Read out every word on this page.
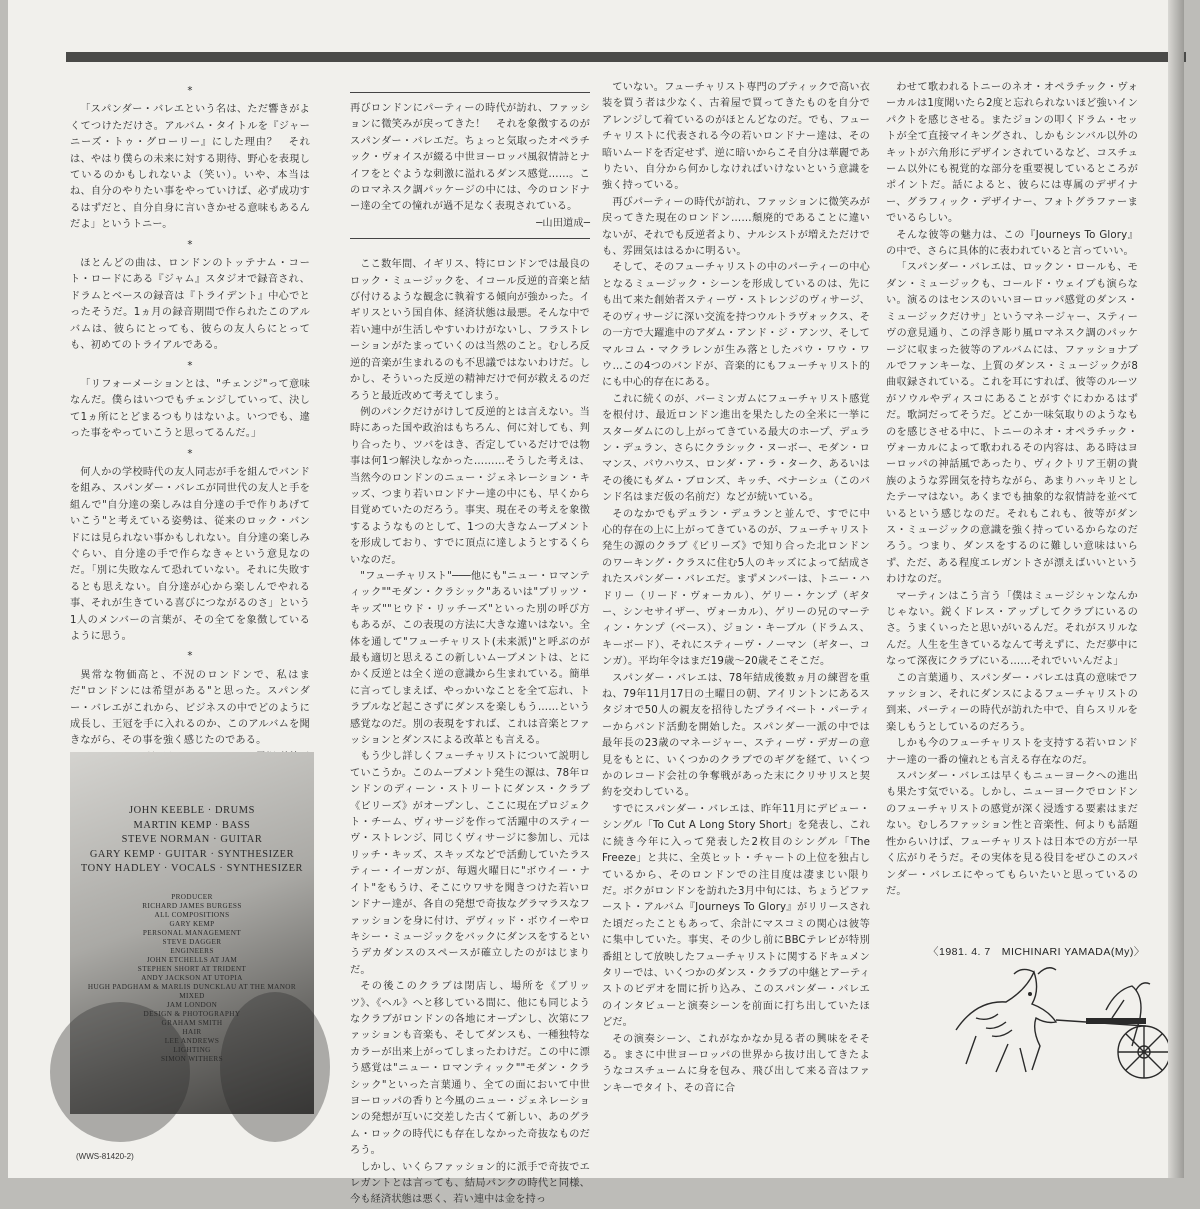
*

「スパンダー・バレエという名は、ただ響きがよくてつけただけさ。アルバム・タイトルを『ジャーニーズ・トゥ・グローリー』にした理由？　それは、やはり僕らの未来に対する期待、野心を表現しているのかもしれないよ（笑い）。いや、本当はね、自分のやりたい事をやっていけば、必ず成功するはずだと、自分自身に言いきかせる意味もあるんだよ」というトニー。

*

ほとんどの曲は、ロンドンのトッテナム・コート・ロードにある『ジャム』スタジオで録音され、ドラムとベースの録音は『トライデント』中心でとったそうだ。1ヵ月の録音期間で作られたこのアルバムは、彼らにとっても、彼らの友人らにとっても、初めてのトライアルである。

*

「リフォーメーションとは、"チェンジ"って意味なんだ。僕らはいつでもチェンジしていって、決して1ヵ所にとどまるつもりはないよ。いつでも、違った事をやっていこうと思ってるんだ。」

*

何人かの学校時代の友人同志が手を組んでバンドを組み、スパンダー・バレエが同世代の友人と手を組んで"自分達の楽しみは自分達の手で作りあげていこう"と考えている姿勢は、従来のロック・バンドには見られない事かもしれない。自分達の楽しみぐらい、自分達の手で作らなきゃという意見なのだ。「別に失敗なんて恐れていない。それに失敗するとも思えない。自分達が心から楽しんでやれる事、それが生きている喜びにつながるのさ」という1人のメンバーの言葉が、その全てを象徴しているように思う。

*

異常な物価高と、不況のロンドンで、私はまだ"ロンドンには希望がある"と思った。スパンダー・バレエがこれから、ビジネスの中でどのように成長し、王冠を手に入れるのか、このアルバムを聞きながら、その事を強く感じたのである。

JOHN KEEBLE · DRUMS
MARTIN KEMP · BASS
STEVE NORMAN · GUITAR
GARY KEMP · GUITAR · SYNTHESIZER
TONY HADLEY · VOCALS · SYNTHESIZER
PRODUCER
RICHARD JAMES BURGESS
ALL COMPOSITIONS
GARY KEMP
PERSONAL MANAGEMENT
STEVE DAGGER
ENGINEERS
JOHN ETCHELLS AT JAM
STEPHEN SHORT AT TRIDENT
ANDY JACKSON AT UTOPIA
HUGH PADGHAM & MARLIS DUNCKLAU AT THE MANOR
MIXED
JAM LONDON
DESIGN & PHOTOGRAPHY
GRAHAM SMITH
HAIR
LEE ANDREWS
LIGHTING
SIMON WITHERS
(WWS-81420-2)

再びロンドンにパーティーの時代が訪れ、ファッションに微笑みが戻ってきた！　それを象徴するのがスパンダー・バレエだ。ちょっと気取ったオペラチック・ヴォイスが綴る中世ヨーロッパ風叙情詩とナイフをとぐような刺激に溢れるダンス感覚……。このロマネスク調パッケージの中には、今のロンドナー達の全ての憧れが過不足なく表現されている。

─山田道成─

ここ数年間、イギリス、特にロンドンでは最良のロック・ミュージックを、イコール反逆的音楽と結び付けるような観念に執着する傾向が強かった。イギリスという国自体、経済状態は最悪。そんな中で若い連中が生活しやすいわけがないし、フラストレーションがたまっていくのは当然のこと。むしろ反逆的音楽が生まれるのも不思議ではないわけだ。しかし、そういった反逆の精神だけで何が救えるのだろうと最近改めて考えてしまう。

例のパンクだけがけして反逆的とは言えない。当時にあった国や政治はもちろん、何に対しても、判り合ったり、ツバをはき、否定しているだけでは物事は何1つ解決しなかった………そうした考えは、当然今のロンドンのニュー・ジェネレーション・キッズ、つまり若いロンドナー達の中にも、早くから目覚めていたのだろう。事実、現在その考えを象徴するようなものとして、1つの大きなムーブメントを形成しており、すでに頂点に達しようとするくらいなのだ。

"フューチャリスト"───他にも"ニュー・ロマンティック""モダン・クラシック"あるいは"ブリッツ・キッズ""ヒウド・リッチーズ"といった別の呼び方もあるが、この表現の方法に大きな違いはない。全体を通して"フューチャリスト(未来派)"と呼ぶのが最も適切と思えるこの新しいムーブメントは、とにかく反逆とは全く逆の意識から生まれている。簡単に言ってしまえば、やっかいなことを全て忘れ、トラブルなど起こさずにダンスを楽しもう……という感覚なのだ。別の表現をすれば、これは音楽とファッションとダンスによる改革とも言える。

もう少し詳しくフューチャリストについて説明していこうか。このムーブメント発生の源は、78年ロンドンのディーン・ストリートにダンス・クラブ《ビリーズ》がオープンし、ここに現在プロジェクト・チーム、ヴィサージを作って活躍中のスティーヴ・ストレンジ、同じくヴィサージに参加し、元はリッチ・キッズ、スキッズなどで活動していたラスティー・イーガンが、毎週火曜日に"ボウイー・ナイト"をもうけ、そこにウワサを聞きつけた若いロンドナー達が、各自の発想で奇抜なグラマラスなファッションを身に付け、デヴィッド・ボウイーやロキシー・ミュージックをバックにダンスをするというデカダンスのスペースが確立したのがはじまりだ。

その後このクラブは閉店し、場所を《ブリッツ》、《ヘル》へと移している間に、他にも同じようなクラブがロンドンの各地にオープンし、次第にファッションも音楽も、そしてダンスも、一種独特なカラーが出来上がってしまったわけだ。この中に漂う感覚は"ニュー・ロマンティック""モダン・クラシック"といった言葉通り、全ての面において中世ヨーロッパの香りと今風のニュー・ジェネレーションの発想が互いに交差した古くて新しい、あのグラム・ロックの時代にも存在しなかった奇抜なものだろう。

しかし、いくらファッション的に派手で奇抜でエレガントとは言っても、結局パンクの時代と同様、今も経済状態は悪く、若い連中は金を持っ

ていない。フューチャリスト専門のブティックで高い衣装を買う者は少なく、古着屋で買ってきたものを自分でアレンジして着ているのがほとんどなのだ。でも、フューチャリストに代表される今の若いロンドナー達は、その暗いムードを否定せず、逆に暗いからこそ自分は華麗でありたい、自分から何かしなければいけないという意識を強く持っている。

再びパーティーの時代が訪れ、ファッションに微笑みが戻ってきた現在のロンドン……頽廃的であることに違いないが、それでも反逆者より、ナルシストが増えただけでも、雰囲気ははるかに明るい。

そして、そのフューチャリストの中のパーティーの中心となるミュージック・シーンを形成しているのは、先にも出て来た創始者スティーヴ・ストレンジのヴィサージ、そのヴィサージに深い交流を持つウルトラヴォックス、その一方で大躍進中のアダム・アンド・ジ・アンツ、そしてマルコム・マクラレンが生み落としたバウ・ワウ・ワウ…この4つのバンドが、音楽的にもフューチャリスト的にも中心的存在にある。

これに続くのが、バーミンガムにフューチャリスト感覚を根付け、最近ロンドン進出を果たしたの全米に一挙にスターダムにのし上がってきている最大のホープ、デュラン・デュラン、さらにクラシック・ヌーボー、モダン・ロマンス、バウハウス、ロンダ・ア・ラ・ターク、あるいはその後にもダム・ブロンズ、キッチ、ベナーシュ（このバンド名はまだ仮の名前だ）などが続いている。

そのなかでもデュラン・デュランと並んで、すでに中心的存在の上に上がってきているのが、フューチャリスト発生の源のクラブ《ビリーズ》で知り合った北ロンドンのワーキング・クラスに住む5人のキッズによって結成されたスパンダー・バレエだ。まずメンバーは、トニー・ハドリー（リード・ヴォーカル）、ゲリー・ケンプ（ギター、シンセサイザー、ヴォーカル）、ゲリーの兄のマーティン・ケンプ（ベース）、ジョン・キーブル（ドラムス、キーボード）、それにスティーヴ・ノーマン（ギター、コンガ）。平均年令はまだ19歳〜20歳そこそこだ。

スパンダー・バレエは、78年結成後数ヵ月の練習を重ね、79年11月17日の土曜日の朝、アイリントンにあるスタジオで50人の親友を招待したプライベート・パーティーからバンド活動を開始した。スパンダー一派の中では最年長の23歳のマネージャー、スティーヴ・デガーの意見をもとに、いくつかのクラブでのギグを経て、いくつかのレコード会社の争奪戦があった末にクリサリスと契約を交わしている。

すでにスパンダー・バレエは、昨年11月にデビュー・シングル「To Cut A Long Story Short」を発表し、これに続き今年に入って発表した2枚目のシングル「The Freeze」と共に、全英ヒット・チャートの上位を独占しているから、そのロンドンでの注目度は凄まじい限りだ。ボクがロンドンを訪れた3月中旬には、ちょうどファースト・アルバム『Journeys To Glory』がリリースされた頃だったこともあって、余計にマスコミの関心は彼等に集中していた。事実、その少し前にBBCテレビが特別番組として放映したフューチャリストに関するドキュメンタリーでは、いくつかのダンス・クラブの中継とアーティストのビデオを間に折り込み、このスパンダー・バレエのインタビューと演奏シーンを前面に打ち出していたほどだ。

その演奏シーン、これがなかなか見る者の興味をそそる。まさに中世ヨーロッパの世界から抜け出してきたようなコスチュームに身を包み、飛び出して来る音はファンキーでタイト、その音に合

わせて歌われるトニーのネオ・オペラチック・ヴォーカルは1度聞いたら2度と忘れられないほど強いインパクトを感じさせる。またジョンの叩くドラム・セットが全て直接マイキングされ、しかもシンバル以外のキットが六角形にデザインされているなど、コスチューム以外にも視覚的な部分を重要視しているところがポイントだ。話によると、彼らには専属のデザイナー、グラフィック・デザイナー、フォトグラファーまでいるらしい。

そんな彼等の魅力は、この『Journeys To Glory』の中で、さらに具体的に表われていると言っていい。

「スパンダー・バレエは、ロックン・ロールも、モダン・ミュージックも、コールド・ウェイブも演らない。演るのはセンスのいいヨーロッパ感覚のダンス・ミュージックだけサ」というマネージャー、スティーヴの意見通り、この浮き彫り風ロマネスク調のパッケージに収まった彼等のアルバムには、ファッショナブルでファンキーな、上質のダンス・ミュージックが8曲収録されている。これを耳にすれば、彼等のルーツがソウルやディスコにあることがすぐにわかるはずだ。歌詞だってそうだ。どこか一味気取りのようなものを感じさせる中に、トニーのネオ・オペラチック・ヴォーカルによって歌われるその内容は、ある時はヨーロッパの神話風であったり、ヴィクトリア王朝の貴族のような雰囲気を持ちながら、あまりハッキリとしたテーマはない。あくまでも抽象的な叙情詩を並べているという感じなのだ。それもこれも、彼等がダンス・ミュージックの意識を強く持っているからなのだろう。つまり、ダンスをするのに難しい意味はいらず、ただ、ある程度エレガントさが漂えばいいというわけなのだ。

マーティンはこう言う「僕はミュージシャンなんかじゃない。鋭くドレス・アップしてクラブにいるのさ。うまくいったと思いがいるんだ。それがスリルなんだ。人生を生きているなんて考えずに、ただ夢中になって深夜にクラブにいる……それでいいんだよ」

この言葉通り、スパンダー・バレエは真の意味でファッション、それにダンスによるフューチャリストの到来、パーティーの時代が訪れた中で、自らスリルを楽しもうとしているのだろう。

しかも今のフューチャリストを支持する若いロンドナー達の一番の憧れとも言える存在なのだ。

スパンダー・バレエは早くもニューヨークへの進出も果たす気でいる。しかし、ニューヨークでロンドンのフューチャリストの感覚が深く浸透する要素はまだない。むしろファッション性と音楽性、何よりも話題性からいけば、フューチャリストは日本での方が一早く広がりそうだ。その実体を見る役目をぜひこのスパンダー・バレエにやってもらいたいと思っているのだ。

〈1981. 4. 7　MICHINARI YAMADA(My)〉
